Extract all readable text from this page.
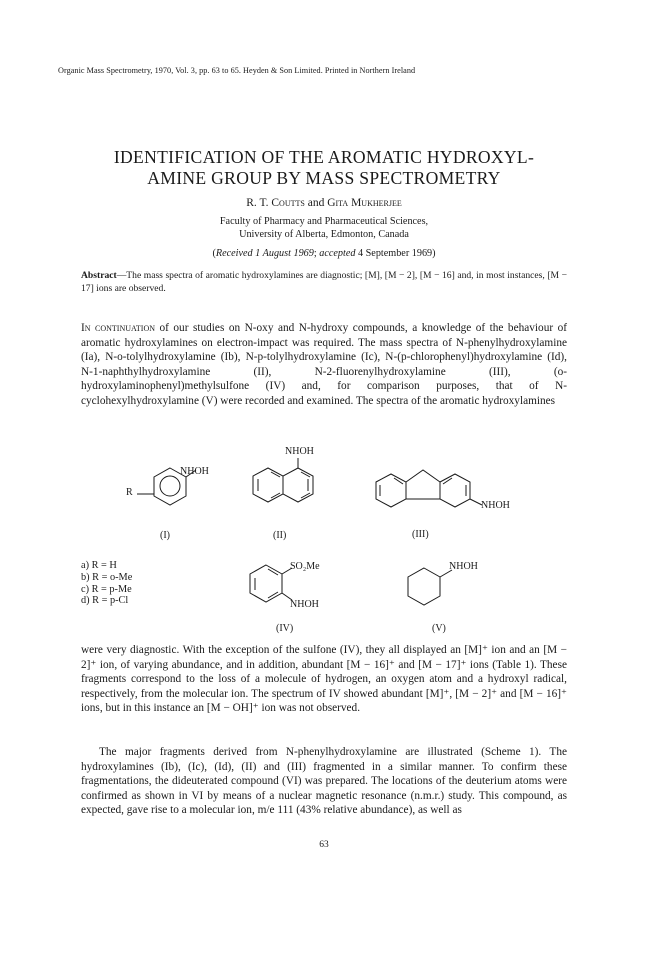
Organic Mass Spectrometry, 1970, Vol. 3, pp. 63 to 65. Heyden & Son Limited. Printed in Northern Ireland
IDENTIFICATION OF THE AROMATIC HYDROXYL-
AMINE GROUP BY MASS SPECTROMETRY
R. T. Coutts and Gita Mukherjee
Faculty of Pharmacy and Pharmaceutical Sciences,
University of Alberta, Edmonton, Canada
(Received 1 August 1969; accepted 4 September 1969)
Abstract—The mass spectra of aromatic hydroxylamines are diagnostic; [M], [M − 2], [M − 16] and, in most instances, [M − 17] ions are observed.
In continuation of our studies on N-oxy and N-hydroxy compounds, a knowledge of the behaviour of aromatic hydroxylamines on electron-impact was required. The mass spectra of N-phenylhydroxylamine (Ia), N-o-tolylhydroxylamine (Ib), N-p-tolylhydroxylamine (Ic), N-(p-chlorophenyl)hydroxylamine (Id), N-1-naphthylhydroxylamine (II), N-2-fluorenylhydroxylamine (III), (o-hydroxylaminophenyl)methylsulfone (IV) and, for comparison purposes, that of N-cyclohexylhydroxylamine (V) were recorded and examined. The spectra of the aromatic hydroxylamines
NHOH
R
(I)
NHOH
(II)
NHOH
(III)
SO₂Me
NHOH
(IV)
NHOH
(V)
a) R = H
b) R = o-Me
c) R = p-Me
d) R = p-Cl
were very diagnostic. With the exception of the sulfone (IV), they all displayed an [M]⁺ ion and an [M − 2]⁺ ion, of varying abundance, and in addition, abundant [M − 16]⁺ and [M − 17]⁺ ions (Table 1). These fragments correspond to the loss of a molecule of hydrogen, an oxygen atom and a hydroxyl radical, respectively, from the molecular ion. The spectrum of IV showed abundant [M]⁺, [M − 2]⁺ and [M − 16]⁺ ions, but in this instance an [M − OH]⁺ ion was not observed.
The major fragments derived from N-phenylhydroxylamine are illustrated (Scheme 1). The hydroxylamines (Ib), (Ic), (Id), (II) and (III) fragmented in a similar manner. To confirm these fragmentations, the dideuterated compound (VI) was prepared. The locations of the deuterium atoms were confirmed as shown in VI by means of a nuclear magnetic resonance (n.m.r.) study. This compound, as expected, gave rise to a molecular ion, m/e 111 (43% relative abundance), as well as
63
